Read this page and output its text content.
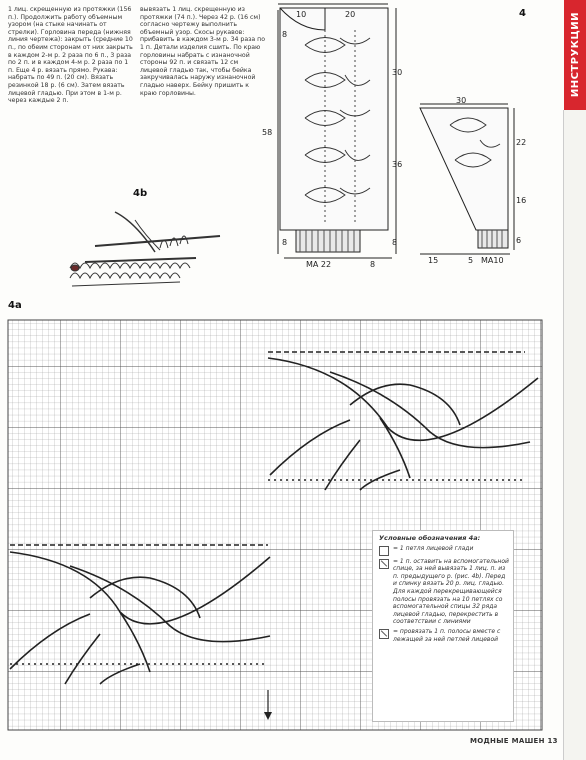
ИНСТРУКЦИИ
4

1 лиц. скрещенную из протяжки (156 п.). Продолжить работу объемным узором (на стыке начинать от стрелки). Горловина переда (нижняя линия чертежа): закрыть (средние 10 п., по обеим сторонам от них закрыть в каждом 2-м р. 2 раза по 6 п., 3 раза по 2 п. и в каждом 4-м р. 2 раза по 1 п. Еще 4 р. вязать прямо. Рукава: набрать по 49 п. (20 см). Вязать резинкой 18 р. (6 см). Затем вязать лицевой гладью. При этом в 1-м р. через каждые 2 п.

вывязать 1 лиц. скрещенную из протяжки (74 п.). Через 42 р. (16 см) согласно чертежу выполнить объемный узор. Скосы рукавов: прибавить в каждом 3-м р. 34 раза по 1 п. Детали изделия сшить. По краю горловины набрать с изнаночной стороны 92 п. и связать 12 см лицевой гладью так, чтобы бейка закручивалась наружу изнаночной гладью наверх. Бейку пришить к краю горловины.

4b
10	20
8
30
58
36
8	8
MA 22	8
30
22
16
6
15	5 MA10
4a
Условные обозначения 4а:
= 1 петля лицевой глади
= 1 п. оставить на вспомогательной спице, за ней вывязать 1 лиц. п. из п. предыдущего р. (рис. 4b). Перед и спинку вязать 20 р. лиц. гладью. Для каждой перекрещивающейся полосы провязать на 10 петлях со вспомогательной спицы 32 ряда лицевой гладью, перекрестить в соответствии с линиями
= провязать 1 п. полосы вместе с лежащей за ней петлей лицевой
МОДНЫЕ МАШЕН 13
